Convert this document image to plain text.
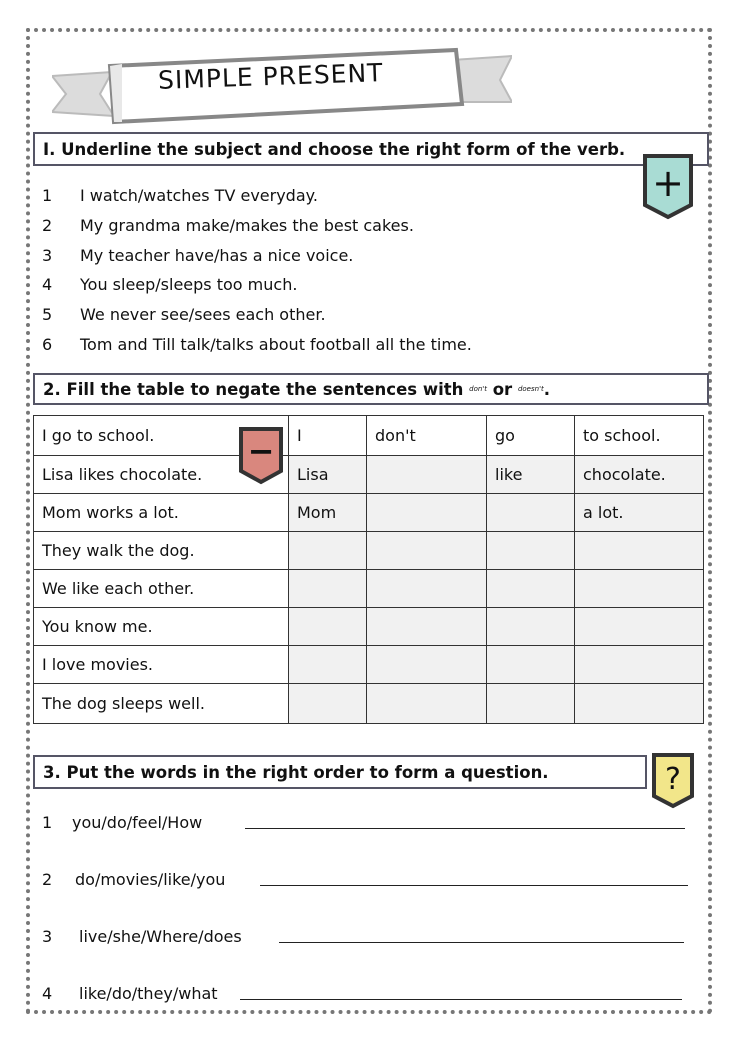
SIMPLE PRESENT
I. Underline the subject and choose the right form of the verb.
+
1 I watch/watches TV everyday.
2 My grandma make/makes the best cakes.
3 My teacher have/has a nice voice.
4 You sleep/sleeps too much.
5 We never see/sees each other.
6 Tom and Till talk/talks about football all the time.
2. Fill the table to negate the sentences with
don't
or
doesn't .
I go to school.	I	don't	go	to school.
Lisa likes chocolate.	Lisa		like	chocolate.
Mom works a lot.	Mom			a lot.
They walk the dog.				
We like each other.				
You know me.				
I love movies.				
The dog sleeps well.				
−
3. Put the words in the right order to form a question.	?
1 you/do/feel/How
2 do/movies/like/you
3 live/she/Where/does
4 like/do/they/what
